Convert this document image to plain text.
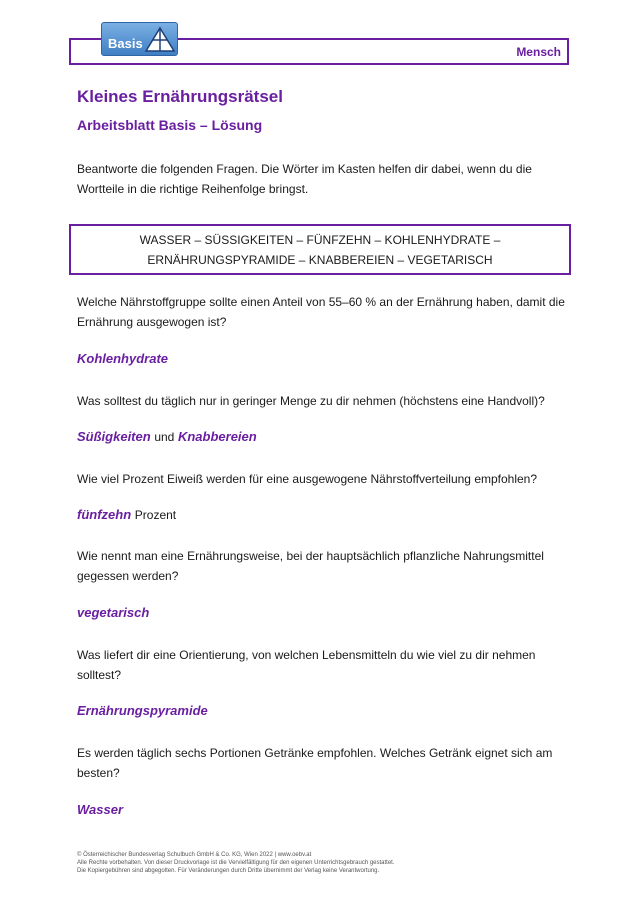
Mensch
Basis
Kleines Ernährungsrätsel
Arbeitsblatt Basis – Lösung
Beantworte die folgenden Fragen. Die Wörter im Kasten helfen dir dabei, wenn du die
Wortteile in die richtige Reihenfolge bringst.
WASSER – SÜSSIGKEITEN – FÜNFZEHN – KOHLENHYDRATE –
ERNÄHRUNGSPYRAMIDE – KNABBEREIEN – VEGETARISCH
Welche Nährstoffgruppe sollte einen Anteil von 55–60 % an der Ernährung haben, damit die
Ernährung ausgewogen ist?
Kohlenhydrate
Was solltest du täglich nur in geringer Menge zu dir nehmen (höchstens eine Handvoll)?
Süßigkeiten und Knabbereien
Wie viel Prozent Eiweiß werden für eine ausgewogene Nährstoffverteilung empfohlen?
fünfzehn Prozent
Wie nennt man eine Ernährungsweise, bei der hauptsächlich pflanzliche Nahrungsmittel
gegessen werden?
vegetarisch
Was liefert dir eine Orientierung, von welchen Lebensmitteln du wie viel zu dir nehmen
solltest?
Ernährungspyramide
Es werden täglich sechs Portionen Getränke empfohlen. Welches Getränk eignet sich am
besten?
Wasser
© Österreichischer Bundesverlag Schulbuch GmbH & Co. KG, Wien 2022 | www.oebv.at
Alle Rechte vorbehalten. Von dieser Druckvorlage ist die Vervielfältigung für den eigenen Unterrichtsgebrauch gestattet.
Die Kopiergebühren sind abgegolten. Für Veränderungen durch Dritte übernimmt der Verlag keine Verantwortung.
